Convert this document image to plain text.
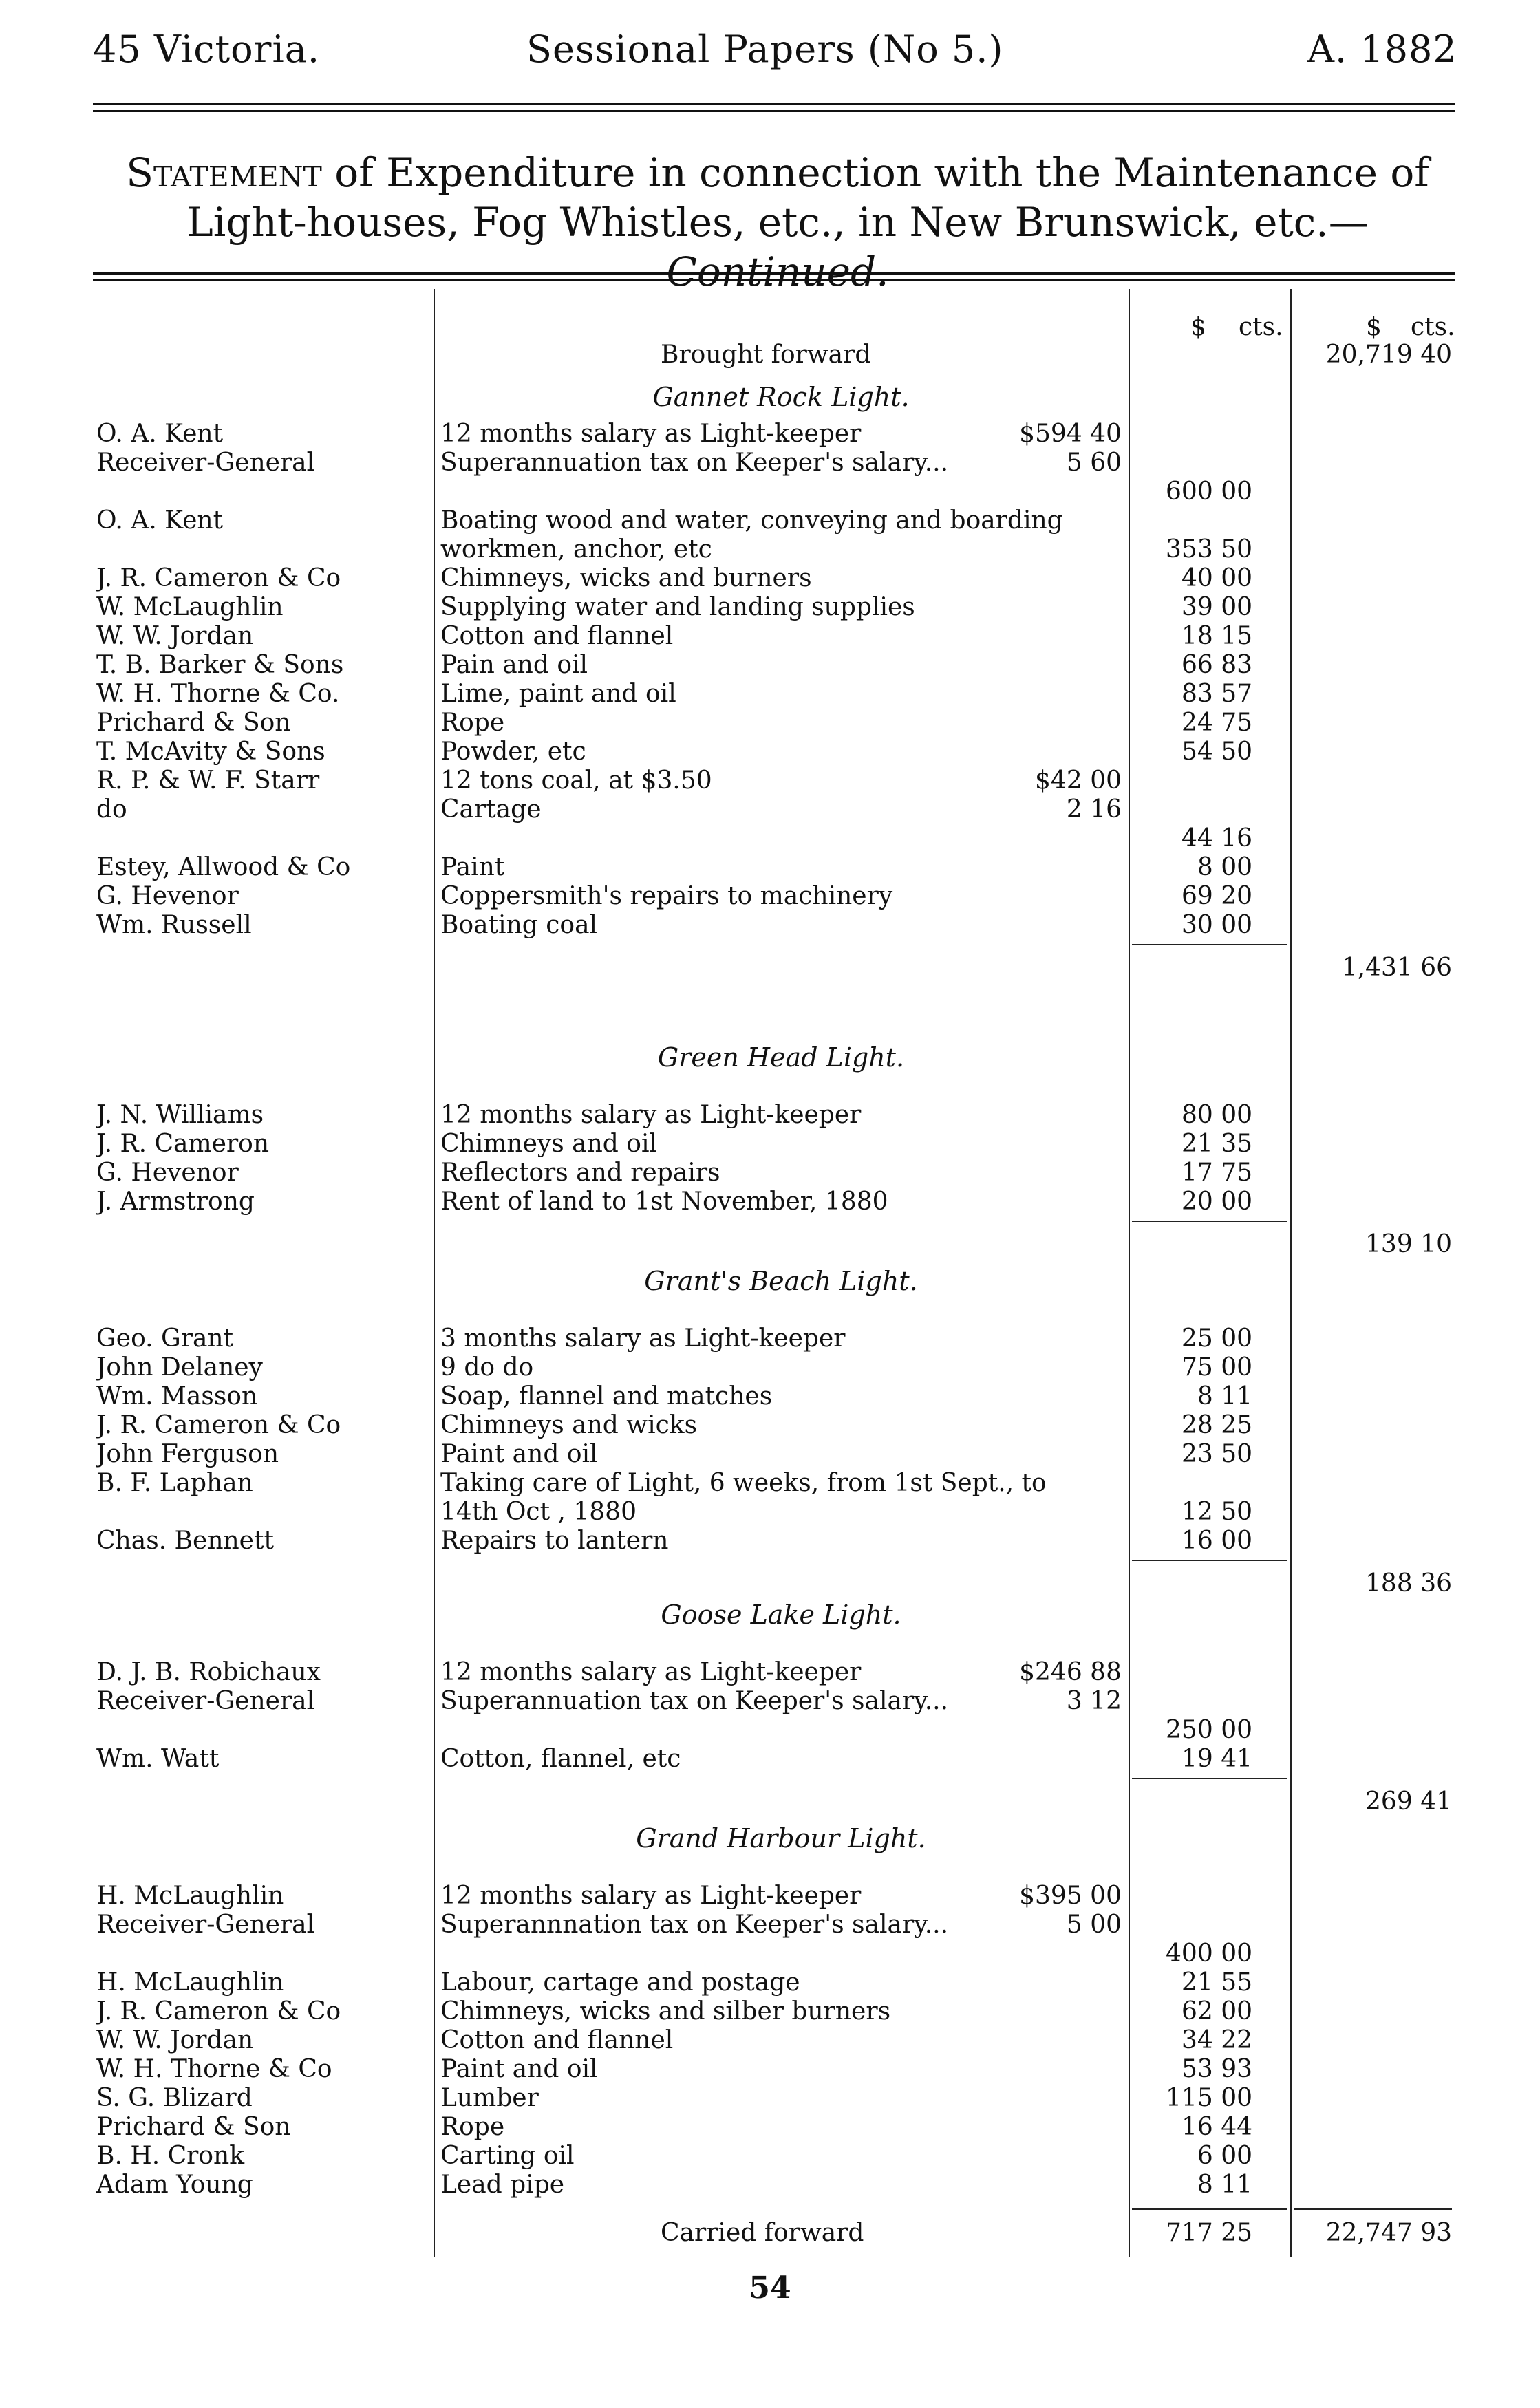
45 Victoria.	Sessional Papers (No 5.)	A. 1882
Statement of Expenditure in connection with the Maintenance of Light-houses, Fog Whistles, etc., in New Brunswick, etc.—Continued.
$ cts.	$ cts.
Brought forward	20,719 40
Gannet Rock Light.
O. A. Kent	12 months salary as Light-keeper	$594 40
Receiver-General	Superannuation tax on Keeper's salary...	5 60
600 00
O. A. Kent	Boating wood and water, conveying and boarding
workmen, anchor, etc	353 50
J. R. Cameron & Co	Chimneys, wicks and burners	40 00
W. McLaughlin	Supplying water and landing supplies	39 00
W. W. Jordan	Cotton and flannel	18 15
T. B. Barker & Sons	Pain and oil	66 83
W. H. Thorne & Co.	Lime, paint and oil	83 57
Prichard & Son	Rope	24 75
T. McAvity & Sons	Powder, etc	54 50
R. P. & W. F. Starr	12 tons coal, at $3.50	$42 00
do	Cartage	2 16
44 16
Estey, Allwood & Co	Paint	8 00
G. Hevenor	Coppersmith's repairs to machinery	69 20
Wm. Russell	Boating coal	30 00
1,431 66
Green Head Light.
J. N. Williams	12 months salary as Light-keeper	80 00
J. R. Cameron	Chimneys and oil	21 35
G. Hevenor	Reflectors and repairs	17 75
J. Armstrong	Rent of land to 1st November, 1880	20 00
139 10
Grant's Beach Light.
Geo. Grant	3 months salary as Light-keeper	25 00
John Delaney	9 do do	75 00
Wm. Masson	Soap, flannel and matches	8 11
J. R. Cameron & Co	Chimneys and wicks	28 25
John Ferguson	Paint and oil	23 50
B. F. Laphan	Taking care of Light, 6 weeks, from 1st Sept., to
14th Oct , 1880	12 50
Chas. Bennett	Repairs to lantern	16 00
188 36
Goose Lake Light.
D. J. B. Robichaux	12 months salary as Light-keeper	$246 88
Receiver-General	Superannuation tax on Keeper's salary...	3 12
250 00
Wm. Watt	Cotton, flannel, etc	19 41
269 41
Grand Harbour Light.
H. McLaughlin	12 months salary as Light-keeper	$395 00
Receiver-General	Superannnation tax on Keeper's salary...	5 00
400 00
H. McLaughlin	Labour, cartage and postage	21 55
J. R. Cameron & Co	Chimneys, wicks and silber burners	62 00
W. W. Jordan	Cotton and flannel	34 22
W. H. Thorne & Co	Paint and oil	53 93
S. G. Blizard	Lumber	115 00
Prichard & Son	Rope	16 44
B. H. Cronk	Carting oil	6 00
Adam Young	Lead pipe	8 11
Carried forward	717 25	22,747 93
54
